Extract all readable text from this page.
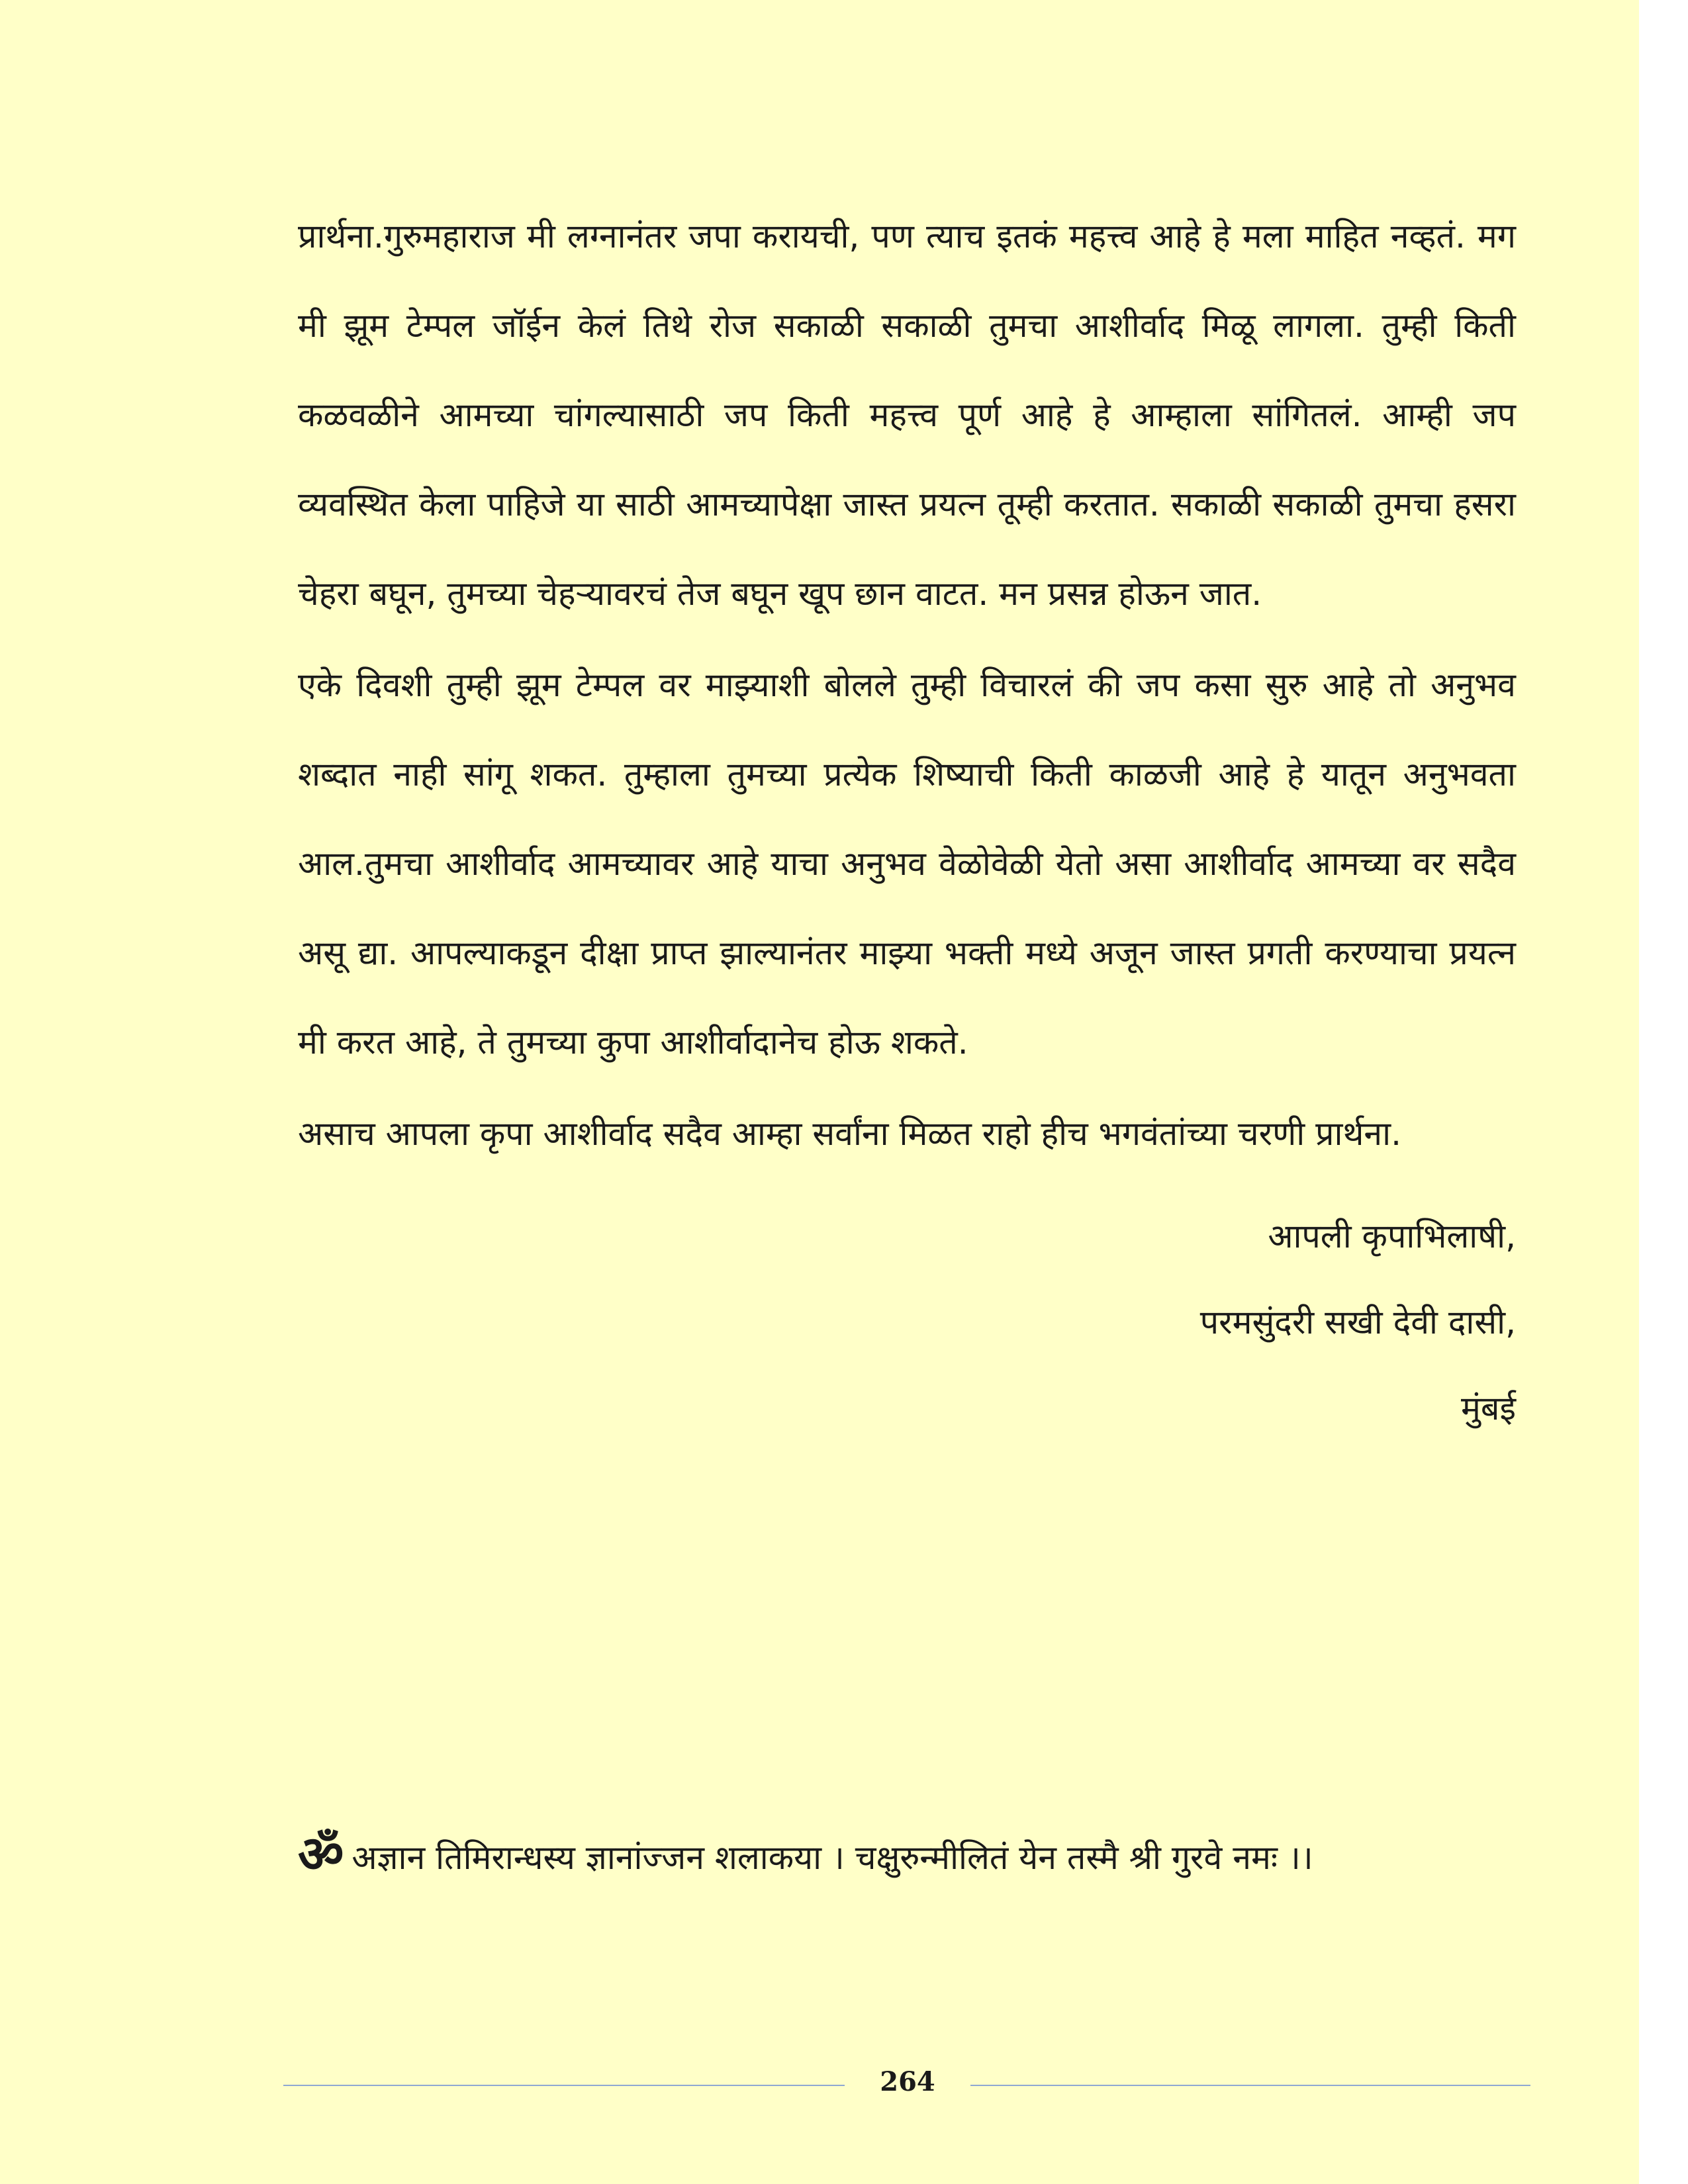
प्रार्थना.गुरुमहाराज मी लग्नानंतर जपा करायची, पण त्याच इतकं महत्त्व आहे हे मला माहित नव्हतं. मग मी झूम टेम्पल जॉईन केलं तिथे रोज सकाळी सकाळी तुमचा आशीर्वाद मिळू लागला. तुम्ही किती कळवळीने आमच्या चांगल्यासाठी जप किती महत्त्व पूर्ण आहे हे आम्हाला सांगितलं. आम्ही जप व्यवस्थित केला पाहिजे या साठी आमच्यापेक्षा जास्त प्रयत्न तूम्ही करतात. सकाळी सकाळी तुमचा हसरा चेहरा बघून, तुमच्या चेहऱ्यावरचं तेज बघून खूप छान वाटत. मन प्रसन्न होऊन जात.

एके दिवशी तुम्ही झूम टेम्पल वर माझ्याशी बोलले तुम्ही विचारलं की जप कसा सुरु आहे तो अनुभव शब्दात नाही सांगू शकत. तुम्हाला तुमच्या प्रत्येक शिष्याची किती काळजी आहे हे यातून अनुभवता आल.तुमचा आशीर्वाद आमच्यावर आहे याचा अनुभव वेळोवेळी येतो असा आशीर्वाद आमच्या वर सदैव असू द्या. आपल्याकडून दीक्षा प्राप्त झाल्यानंतर माझ्या भक्ती मध्ये अजून जास्त प्रगती करण्याचा प्रयत्न मी करत आहे, ते तुमच्या कुपा आशीर्वादानेच होऊ शकते.

असाच आपला कृपा आशीर्वाद सदैव आम्हा सर्वांना मिळत राहो हीच भगवंतांच्या चरणी प्रार्थना.

आपली कृपाभिलाषी,

परमसुंदरी सखी देवी दासी,

मुंबई

ॐअज्ञान तिमिरान्धस्य ज्ञानांज्जन शलाकया । चक्षुरुन्मीलितं येन तस्मै श्री गुरवे नमः ।।
264
